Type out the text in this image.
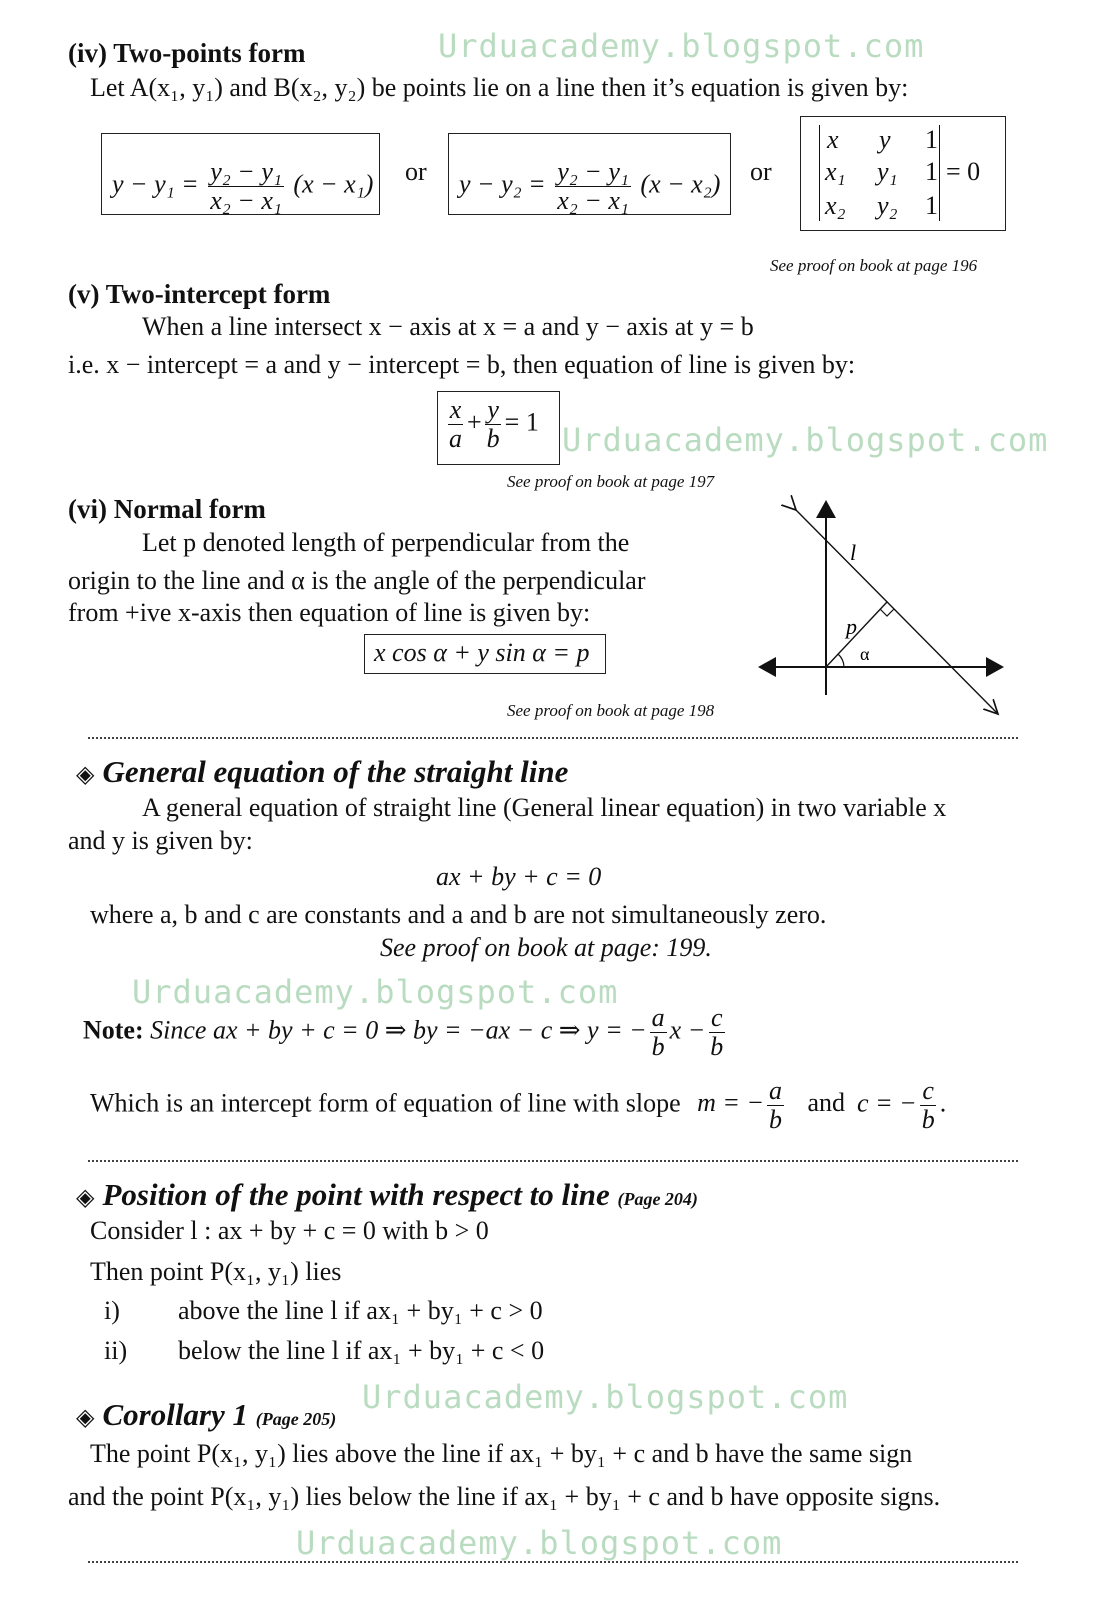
Urduacademy.blogspot.com
Urduacademy.blogspot.com
Urduacademy.blogspot.com
Urduacademy.blogspot.com
Urduacademy.blogspot.com
(iv) Two-points form
Let A(x₁, y₁) and B(x₂, y₂) be points lie on a line then it’s equation is given by:
$y - y_1 = \frac{\text{y₂ − y₁}}{\text{x₂ − x₁}} (x - x_1)$ or $y - y_2 = \frac{\text{y₂ − y₁}}{\text{x₂ − x₁}} (x - x_2)$ or
x	y	1
x₁	y₁	1
x₂	y₂	1
= 0
See proof on book at page 196
(v) Two-intercept form
When a line intersect x − axis at x = a and y − axis at y = b
i.e. x − intercept = a and y − intercept = b, then equation of line is given by:
$\frac{x}{a} + \frac{y}{b} = 1$
See proof on book at page 197
(vi) Normal form
Let p denoted length of perpendicular from the
origin to the line and α is the angle of the perpendicular
from +ive x-axis then equation of line is given by:
x cos α + y sin α = p
See proof on book at page 198
l
p
α
◈ General equation of the straight line
A general equation of straight line (General linear equation) in two variable x
and y is given by:
ax + by + c = 0
where a, b and c are constants and a and b are not simultaneously zero.
See proof on book at page: 199.
Note: Since ax + by + c = 0 ⇒ by = −ax − c ⇒ y = − $\frac{a}{b}$ $x - \frac{c}{b}$
Which is an intercept form of equation of line with slope m = − $\frac{a}{b}$ and c = − $\frac{c}{b}$ .
◈ Position of the point with respect to line (Page 204)
Consider l : ax + by + c = 0 with b > 0
Then point P(x₁, y₁) lies
i) above the line l if ax₁ + by₁ + c > 0
ii) below the line l if ax₁ + by₁ + c < 0
◈ Corollary 1 (Page 205)
The point P(x₁, y₁) lies above the line if ax₁ + by₁ + c and b have the same sign
and the point P(x₁, y₁) lies below the line if ax₁ + by₁ + c and b have opposite signs.
